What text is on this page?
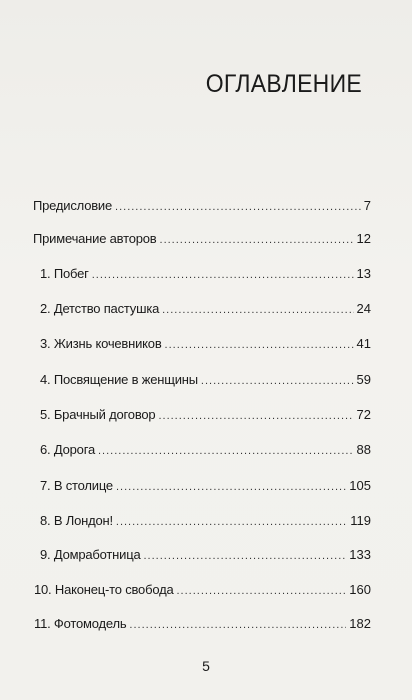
ОГЛАВЛЕНИЕ
Предисловие .....	7
Примечание авторов .....	12
1. Побег .....	13
2. Детство пастушка .....	24
3. Жизнь кочевников .....	41
4. Посвящение в женщины .....	59
5. Брачный договор .....	72
6. Дорога .....	88
7. В столице .....	105
8. В Лондон! .....	119
9. Домработница .....	133
10. Наконец-то свобода .....	160
11. Фотомодель .....	182
5
